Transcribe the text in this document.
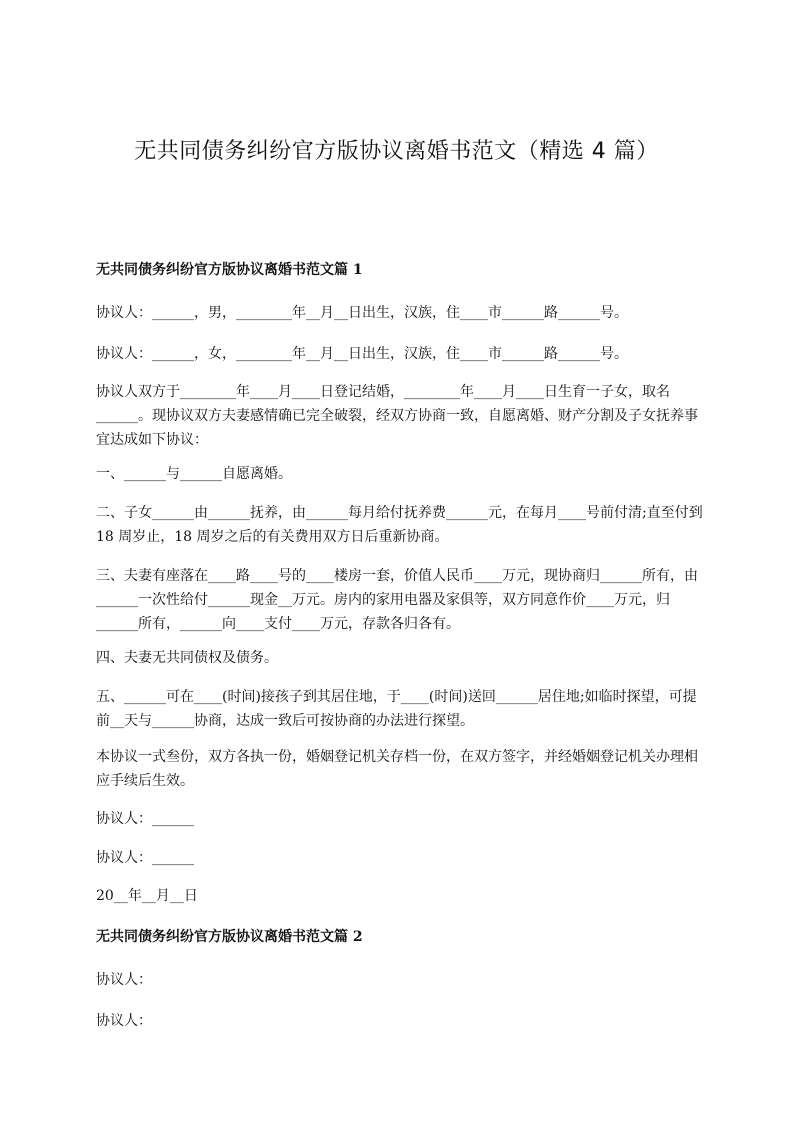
无共同债务纠纷官方版协议离婚书范文（精选 4 篇）
无共同债务纠纷官方版协议离婚书范文篇 1
协议人：______，男，________年__月__日出生，汉族，住____市______路______号。
协议人：______，女，________年__月__日出生，汉族，住____市______路______号。
协议人双方于________年____月____日登记结婚，________年____月____日生育一子女，取名______。现协议双方夫妻感情确已完全破裂，经双方协商一致，自愿离婚、财产分割及子女抚养事宜达成如下协议：
一、______与______自愿离婚。
二、子女______由______抚养，由______每月给付抚养费______元，在每月____号前付清;直至付到 18 周岁止，18 周岁之后的有关费用双方日后重新协商。
三、夫妻有座落在____路____号的____楼房一套，价值人民币____万元，现协商归______所有，由______一次性给付______现金__万元。房内的家用电器及家俱等，双方同意作价____万元，归______所有，______向____支付____万元，存款各归各有。
四、夫妻无共同债权及债务。
五、______可在____(时间)接孩子到其居住地，于____(时间)送回______居住地;如临时探望，可提前__天与______协商，达成一致后可按协商的办法进行探望。
本协议一式叁份，双方各执一份，婚姻登记机关存档一份，在双方签字，并经婚姻登记机关办理相应手续后生效。
协议人：______
协议人：______
20__年__月__日
无共同债务纠纷官方版协议离婚书范文篇 2
协议人：
协议人：
